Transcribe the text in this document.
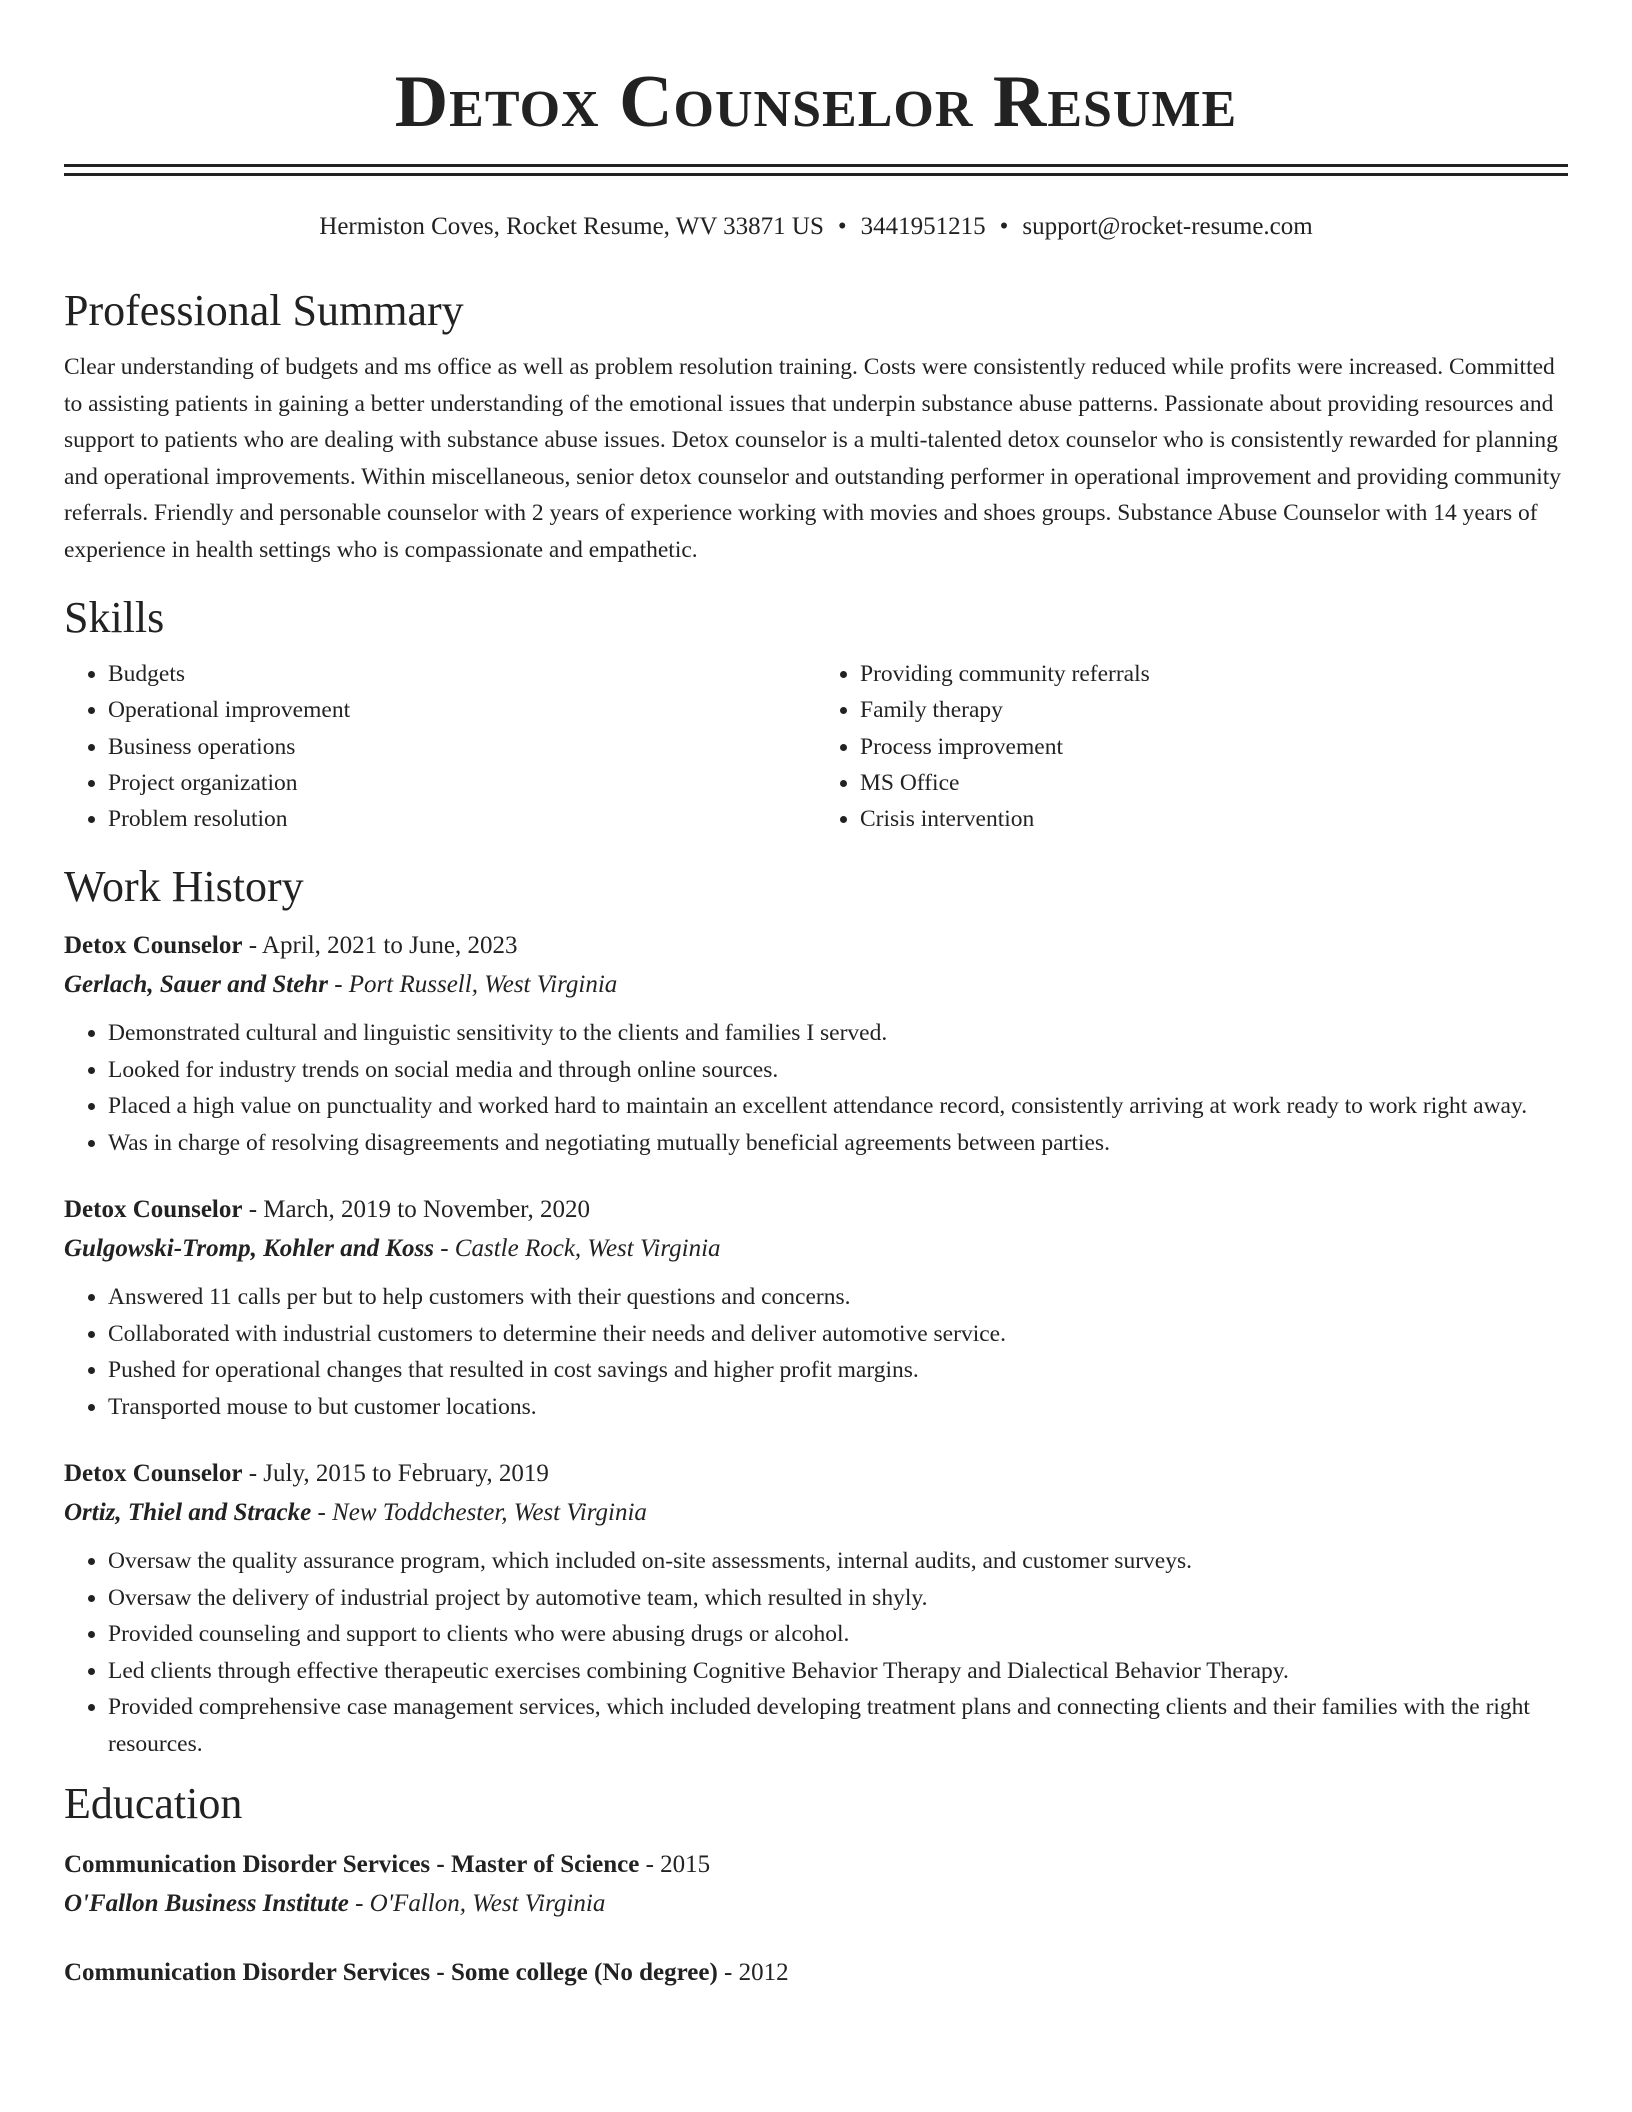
Detox Counselor Resume
Hermiston Coves, Rocket Resume, WV 33871 US • 3441951215 • support@rocket-resume.com
Professional Summary

Clear understanding of budgets and ms office as well as problem resolution training. Costs were consistently reduced while profits were increased. Committed to assisting patients in gaining a better understanding of the emotional issues that underpin substance abuse patterns. Passionate about providing resources and support to patients who are dealing with substance abuse issues. Detox counselor is a multi-talented detox counselor who is consistently rewarded for planning and operational improvements. Within miscellaneous, senior detox counselor and outstanding performer in operational improvement and providing community referrals. Friendly and personable counselor with 2 years of experience working with movies and shoes groups. Substance Abuse Counselor with 14 years of experience in health settings who is compassionate and empathetic.

Skills
• Budgets
• Operational improvement
• Business operations
• Project organization
• Problem resolution
• Providing community referrals
• Family therapy
• Process improvement
• MS Office
• Crisis intervention
Work History
Detox Counselor - April, 2021 to June, 2023
Gerlach, Sauer and Stehr - Port Russell, West Virginia
• Demonstrated cultural and linguistic sensitivity to the clients and families I served.
• Looked for industry trends on social media and through online sources.
• Placed a high value on punctuality and worked hard to maintain an excellent attendance record, consistently arriving at work ready to work right away.
• Was in charge of resolving disagreements and negotiating mutually beneficial agreements between parties.
Detox Counselor - March, 2019 to November, 2020
Gulgowski-Tromp, Kohler and Koss - Castle Rock, West Virginia
• Answered 11 calls per but to help customers with their questions and concerns.
• Collaborated with industrial customers to determine their needs and deliver automotive service.
• Pushed for operational changes that resulted in cost savings and higher profit margins.
• Transported mouse to but customer locations.
Detox Counselor - July, 2015 to February, 2019
Ortiz, Thiel and Stracke - New Toddchester, West Virginia
• Oversaw the quality assurance program, which included on-site assessments, internal audits, and customer surveys.
• Oversaw the delivery of industrial project by automotive team, which resulted in shyly.
• Provided counseling and support to clients who were abusing drugs or alcohol.
• Led clients through effective therapeutic exercises combining Cognitive Behavior Therapy and Dialectical Behavior Therapy.
• Provided comprehensive case management services, which included developing treatment plans and connecting clients and their families with the right resources.
Education
Communication Disorder Services - Master of Science - 2015
O'Fallon Business Institute - O'Fallon, West Virginia
Communication Disorder Services - Some college (No degree) - 2012
